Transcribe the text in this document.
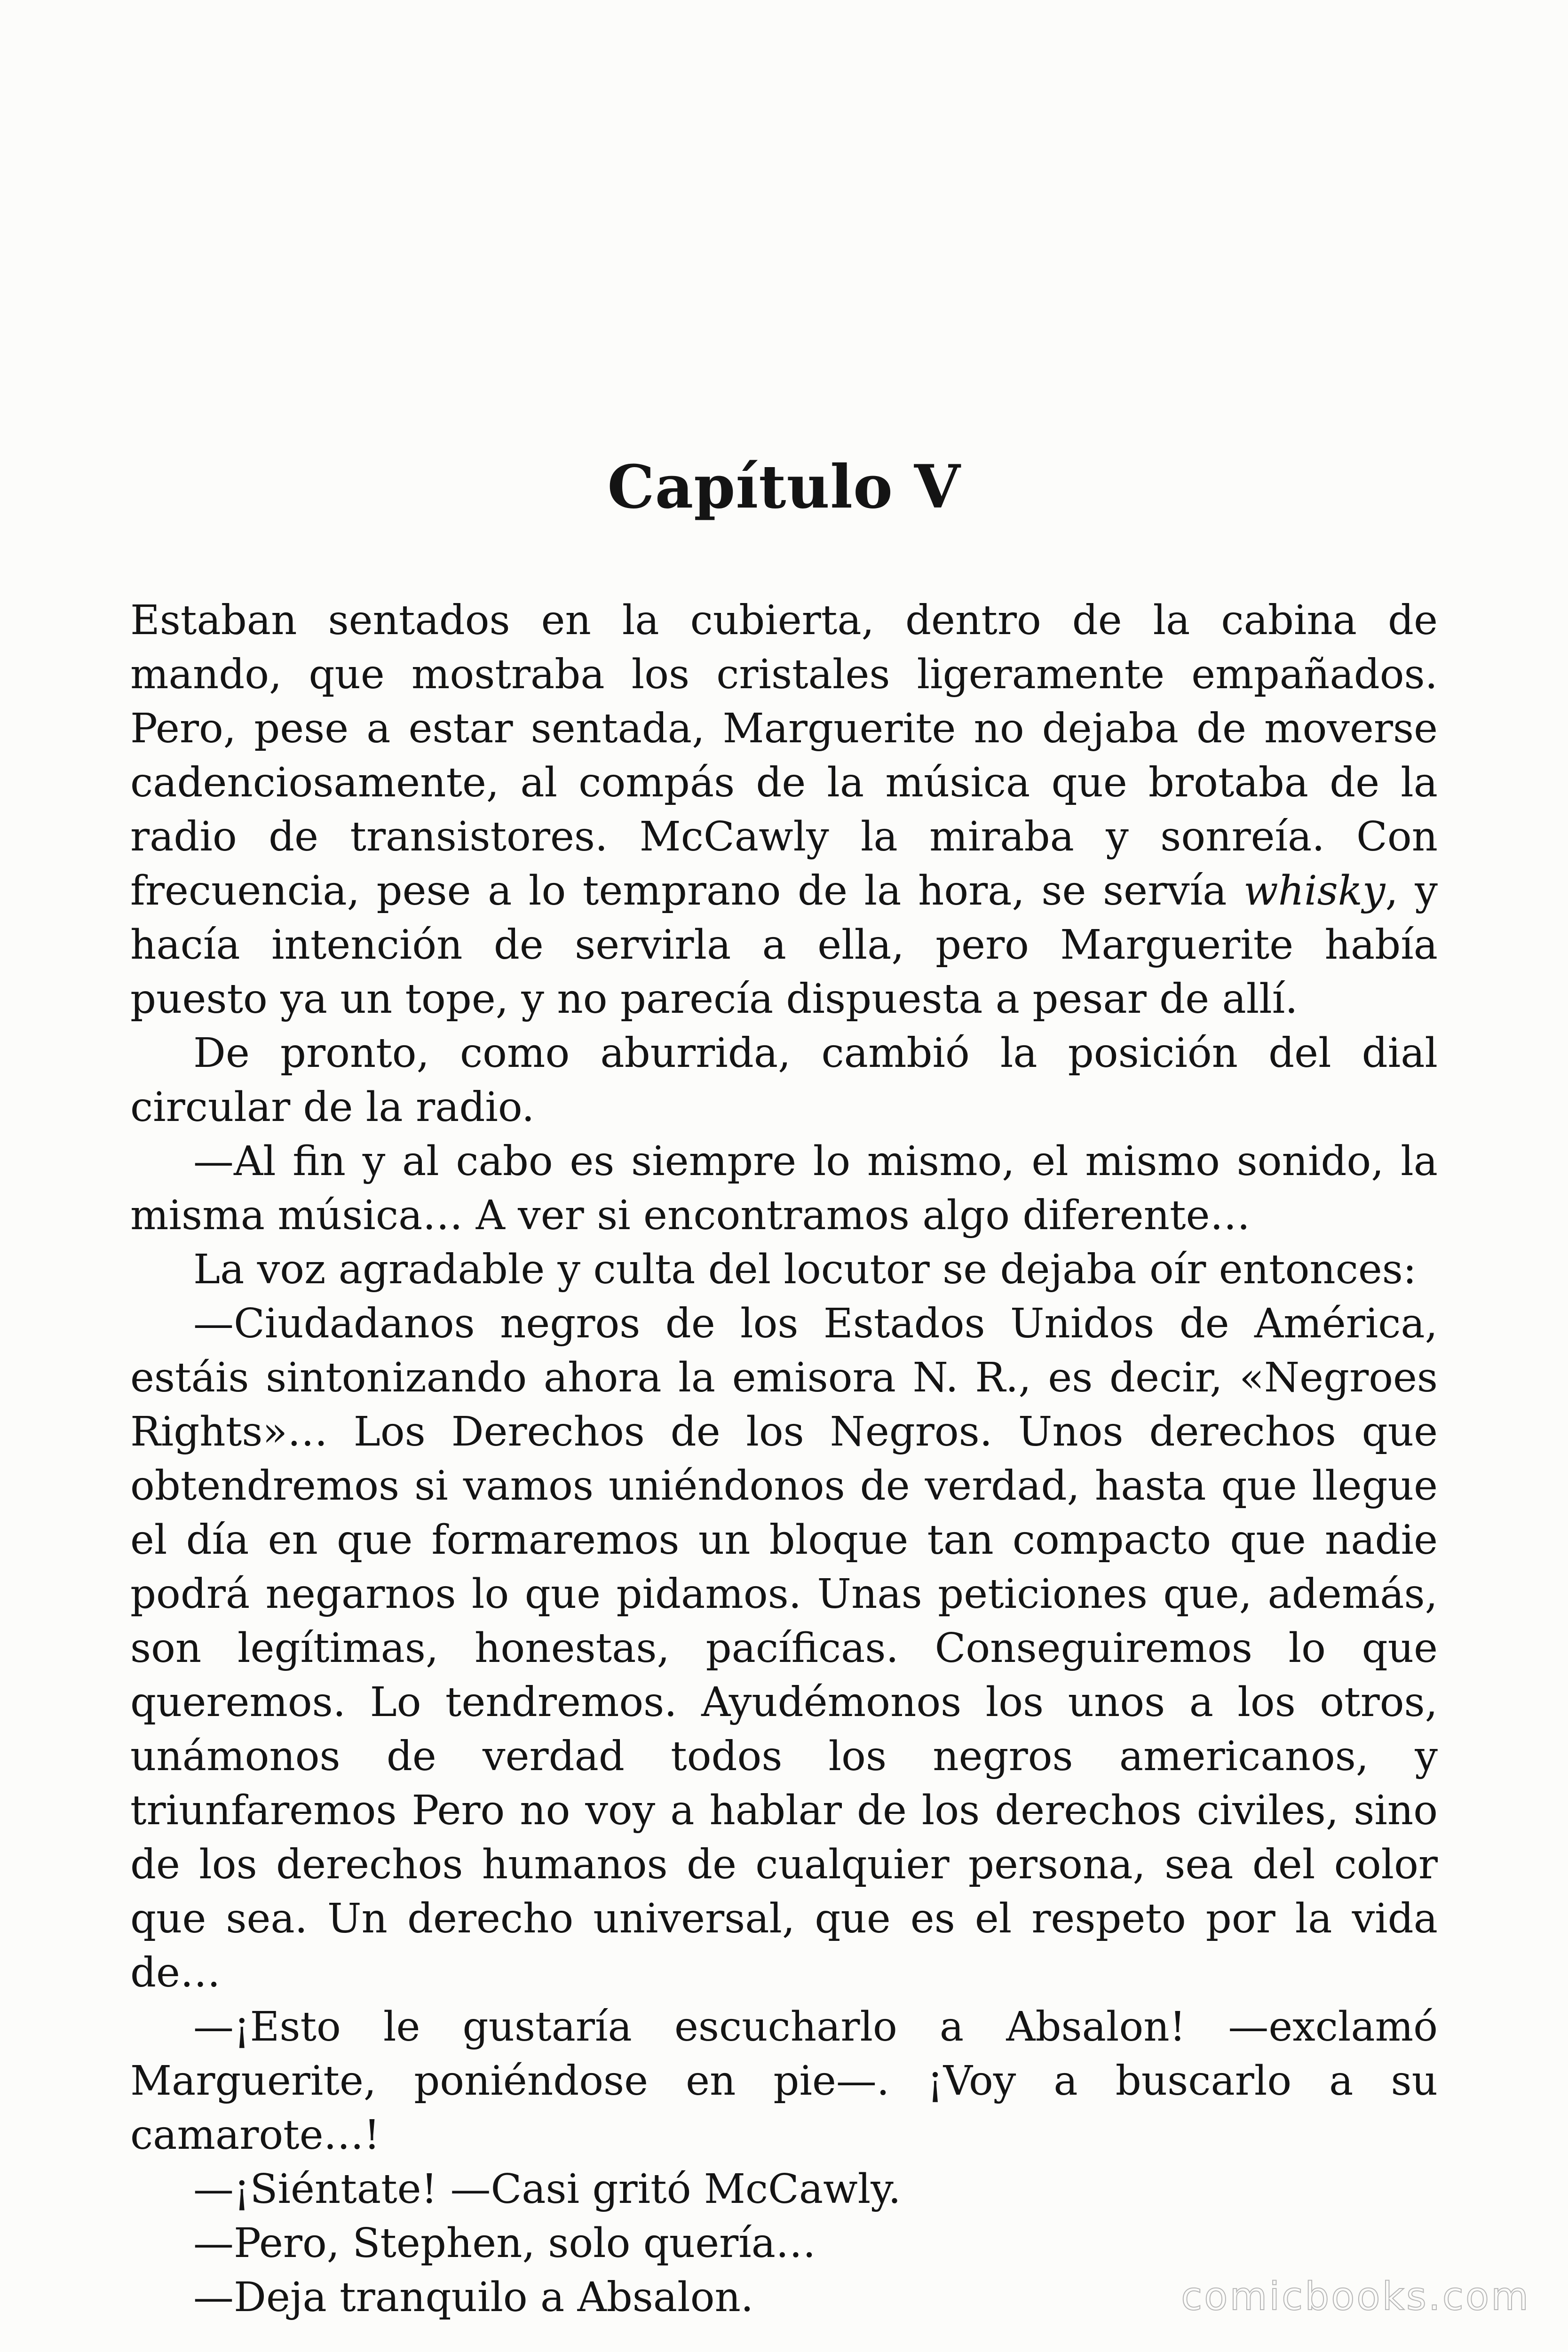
Capítulo V

Estaban sentados en la cubierta, dentro de la cabina de mando, que mostraba los cristales ligeramente empañados. Pero, pese a estar sentada, Marguerite no dejaba de moverse cadenciosamente, al compás de la música que brotaba de la radio de transistores. McCawly la miraba y sonreía. Con frecuencia, pese a lo temprano de la hora, se servía whisky, y hacía intención de servirla a ella, pero Marguerite había puesto ya un tope, y no parecía dispuesta a pesar de allí.

De pronto, como aburrida, cambió la posición del dial circular de la radio.

—Al fin y al cabo es siempre lo mismo, el mismo sonido, la misma música… A ver si encontramos algo diferente…

La voz agradable y culta del locutor se dejaba oír entonces:

—Ciudadanos negros de los Estados Unidos de América, estáis sintonizando ahora la emisora N. R., es decir, «Negroes Rights»… Los Derechos de los Negros. Unos derechos que obtendremos si vamos uniéndonos de verdad, hasta que llegue el día en que formaremos un bloque tan compacto que nadie podrá negarnos lo que pidamos. Unas peticiones que, además, son legítimas, honestas, pacíficas. Conseguiremos lo que queremos. Lo tendremos. Ayudémonos los unos a los otros, unámonos de verdad todos los negros americanos, y triunfaremos Pero no voy a hablar de los derechos civiles, sino de los derechos humanos de cualquier persona, sea del color que sea. Un derecho universal, que es el respeto por la vida de…

—¡Esto le gustaría escucharlo a Absalon! —exclamó Marguerite, poniéndose en pie—. ¡Voy a buscarlo a su camarote…!

—¡Siéntate! —Casi gritó McCawly.

—Pero, Stephen, solo quería…

—Deja tranquilo a Absalon.	comicbooks.com
